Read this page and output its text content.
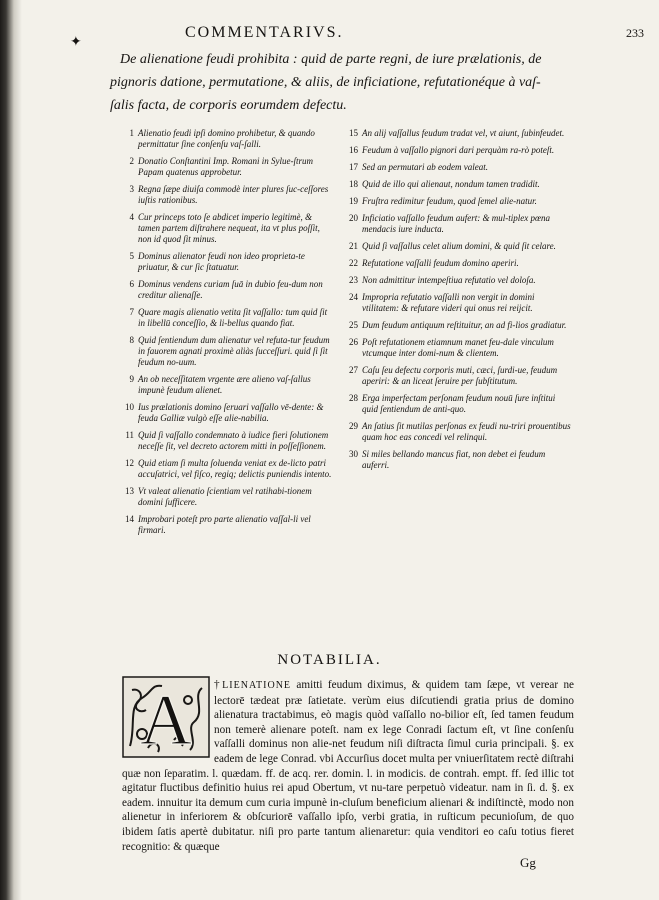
✦
COMMENTARIVS.	233
De alienatione feudi prohibita : quid de parte regni, de iure prælationis, de
pignoris datione, permutatione, & aliis, de inficiatione, refutationéque à vaſ-
ſalis facta, de corporis eorumdem defectu.
1 Alienatio feudi ipſi domino prohibetur, & quando permittatur ſine conſenſu vaſ-ſalli.
2 Donatio Conſtantini Imp. Romani in Sylue-ſtrum Papam quatenus approbetur.
3 Regna ſæpe diuiſa commodè inter plures ſuc-ceſſores iuſtis rationibus.
4 Cur princeps toto ſe abdicet imperio legitimè, & tamen partem diſtrahere nequeat, ita vt plus poſſit, non id quod ſit minus.
5 Dominus alienator feudi non ideo proprieta-te priuatur, & cur ſic ſtatuatur.
6 Dominus vendens curiam ſuā in dubio feu-dum non creditur alienaſſe.
7 Quare magis alienatio vetita ſit vaſſallo: tum quid ſit in libellū conceſſio, & li-bellus quando fiat.
8 Quid ſentiendum dum alienatur vel refuta-tur feudum in fauorem agnati proximè aliàs ſucceſſuri. quid ſi ſit feudum no-uum.
9 An ob neceſſitatem vrgente ære alieno vaſ-ſallus impunè feudum alienet.
10 Ius prælationis domino ſeruari vaſſallo vē-dente: & feuda Galliæ vulgò eſſe alie-nabilia.
11 Quid ſi vaſſallo condemnato à iudice fieri ſolutionem neceſſe ſit, vel decreto actorem mitti in poſſeſſionem.
12 Quid etiam ſi multa ſoluenda veniat ex de-licto patri accuſatrici, vel fiſco, regiq; delictis puniendis intento.
13 Vt valeat alienatio ſcientiam vel ratihabi-tionem domini ſufficere.
14 Improbari poteſt pro parte alienatio vaſſal-li vel firmari.
15 An alij vaſſallus feudum tradat vel, vt aiunt, ſubinfeudet.
16 Feudum à vaſſallo pignori dari perquàm ra-rò poteſt.
17 Sed an permutari ab eodem valeat.
18 Quid de illo qui alienaut, nondum tamen tradidit.
19 Fruſtra redimitur feudum, quod ſemel alie-natur.
20 Inficiatio vaſſallo feudum aufert: & mul-tiplex pœna mendacis iure inducta.
21 Quid ſi vaſſallus celet alium domini, & quid ſit celare.
22 Refutatione vaſſalli feudum domino aperiri.
23 Non admittitur intempeſtiua refutatio vel doloſa.
24 Impropria refutatio vaſſalli non vergit in domini vtilitatem: & refutare videri qui onus rei reijcit.
25 Dum feudum antiquum reſtituitur, an ad fi-lios gradiatur.
26 Poſt refutationem etiamnum manet feu-dale vinculum vtcumque inter domi-num & clientem.
27 Caſu ſeu defectu corporis muti, cæci, ſurdi-ue, feudum aperiri: & an liceat ſeruire per ſubſtitutum.
28 Erga imperfectam perſonam feudum nouū ſure inſtitui quid ſentiendum de anti-quo.
29 An ſatius ſit mutilas perſonas ex feudi nu-triri prouentibus quam hoc eas concedi vel relinqui.
30 Si miles bellando mancus fiat, non debet ei feudum auferri.
NOTABILIA.
A	†LIENATIONE amitti feudum diximus, & quidem tam ſæpe, vt verear ne lectorē tædeat præ ſatietate. verùm eius diſcutiendi gratia prius de domino alienatura tractabimus, eò magis quòd vaſſallo no-bilior eſt, ſed tamen feudum non temerè alienare poteſt. nam ex lege Conradi ſactum eſt, vt ſine conſenſu vaſſalli dominus non alie-net feudum niſi diſtracta ſimul curia principali. §. ex eadem de lege Conrad. vbi Accurſius docet multa per vniuerſitatem rectè diſtrahi quæ non ſeparatim. l. quædam. ff. de acq. rer. domin. l. in modicis. de contrah. empt. ff. ſed illic tot agitatur fluctibus definitio huius rei apud Obertum, vt nu-tare perpetuò videatur. nam in ſi. d. §. ex eadem. innuitur ita demum cum curia impunè in-cluſum beneficium alienari & indiſtinctè, modo non alienetur in inferiorem & obſcuriorē vaſſallo ipſo, verbi gratia, in ruſticum pecunioſum, de quo ibidem ſatis apertè dubitatur. niſi pro parte tantum alienaretur: quia venditori eo caſu totius fieret recognitio: & quæque
Gg
